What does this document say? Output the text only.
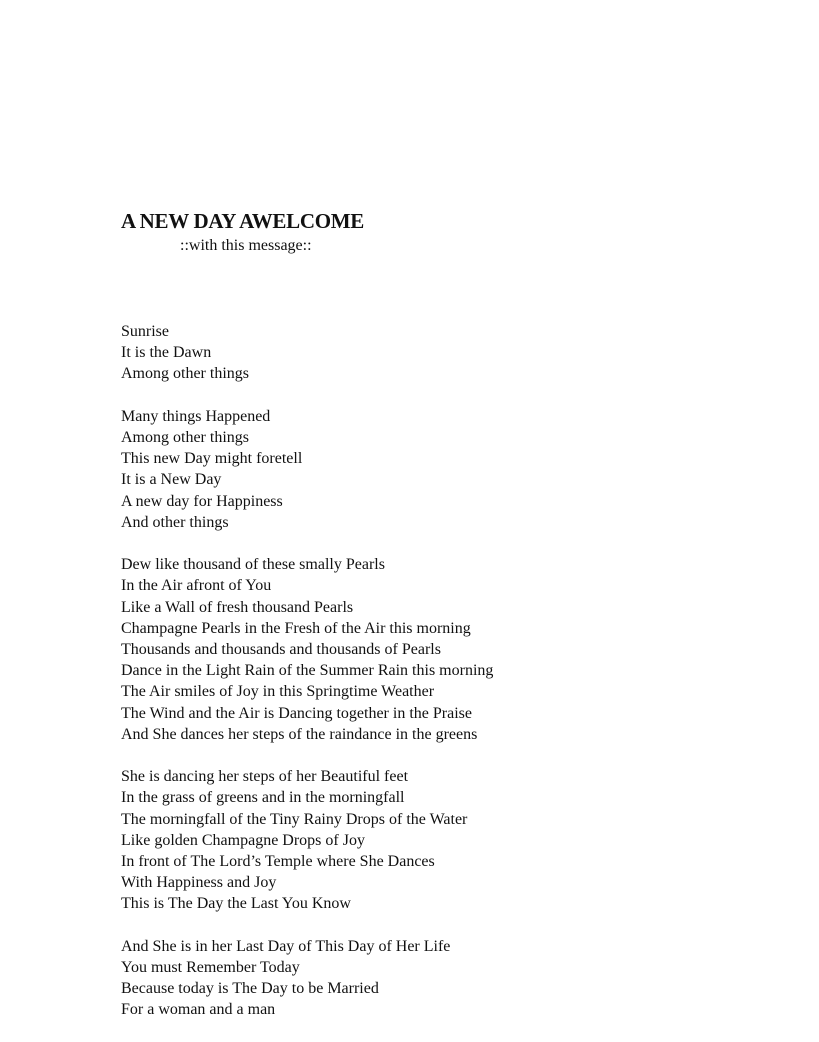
A NEW DAY AWELCOME
::with this message::
Sunrise
It is the Dawn
Among other things
Many things Happened
Among other things
This new Day might foretell
It is a New Day
A new day for Happiness
And other things
Dew like thousand of these smally Pearls
In the Air afront of You
Like a Wall of fresh thousand Pearls
Champagne Pearls in the Fresh of the Air this morning
Thousands and thousands and thousands of Pearls
Dance in the Light Rain of the Summer Rain this morning
The Air smiles of Joy in this Springtime Weather
The Wind and the Air is Dancing together in the Praise
And She dances her steps of the raindance in the greens
She is dancing her steps of her Beautiful feet
In the grass of greens and in the morningfall
The morningfall of the Tiny Rainy Drops of the Water
Like golden Champagne Drops of Joy
In front of The Lord’s Temple where She Dances
With Happiness and Joy
This is The Day the Last You Know
And She is in her Last Day of This Day of Her Life
You must Remember Today
Because today is The Day to be Married
For a woman and a man
